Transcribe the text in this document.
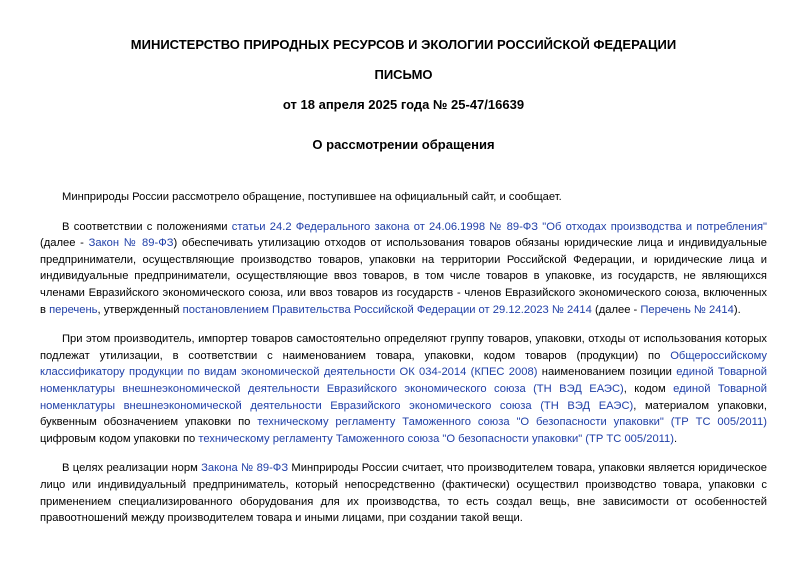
МИНИСТЕРСТВО ПРИРОДНЫХ РЕСУРСОВ И ЭКОЛОГИИ РОССИЙСКОЙ ФЕДЕРАЦИИ

ПИСЬМО

от 18 апреля 2025 года № 25-47/16639

О рассмотрении обращения

Минприроды России рассмотрело обращение, поступившее на официальный сайт, и сообщает.

В соответствии с положениями статьи 24.2 Федерального закона от 24.06.1998 № 89-ФЗ "Об отходах производства и потребления" (далее - Закон № 89-ФЗ) обеспечивать утилизацию отходов от использования товаров обязаны юридические лица и индивидуальные предприниматели, осуществляющие производство товаров, упаковки на территории Российской Федерации, и юридические лица и индивидуальные предприниматели, осуществляющие ввоз товаров, в том числе товаров в упаковке, из государств, не являющихся членами Евразийского экономического союза, или ввоз товаров из государств - членов Евразийского экономического союза, включенных в перечень, утвержденный постановлением Правительства Российской Федерации от 29.12.2023 № 2414 (далее - Перечень № 2414).

При этом производитель, импортер товаров самостоятельно определяют группу товаров, упаковки, отходы от использования которых подлежат утилизации, в соответствии с наименованием товара, упаковки, кодом товаров (продукции) по Общероссийскому классификатору продукции по видам экономической деятельности ОК 034-2014 (КПЕС 2008) наименованием позиции единой Товарной номенклатуры внешнеэкономической деятельности Евразийского экономического союза (ТН ВЭД ЕАЭС), кодом единой Товарной номенклатуры внешнеэкономической деятельности Евразийского экономического союза (ТН ВЭД ЕАЭС), материалом упаковки, буквенным обозначением упаковки по техническому регламенту Таможенного союза "О безопасности упаковки" (ТР ТС 005/2011) цифровым кодом упаковки по техническому регламенту Таможенного союза "О безопасности упаковки" (ТР ТС 005/2011).

В целях реализации норм Закона № 89-ФЗ Минприроды России считает, что производителем товара, упаковки является юридическое лицо или индивидуальный предприниматель, который непосредственно (фактически) осуществил производство товара, упаковки с применением специализированного оборудования для их производства, то есть создал вещь, вне зависимости от особенностей правоотношений между производителем товара и иными лицами, при создании такой вещи.
